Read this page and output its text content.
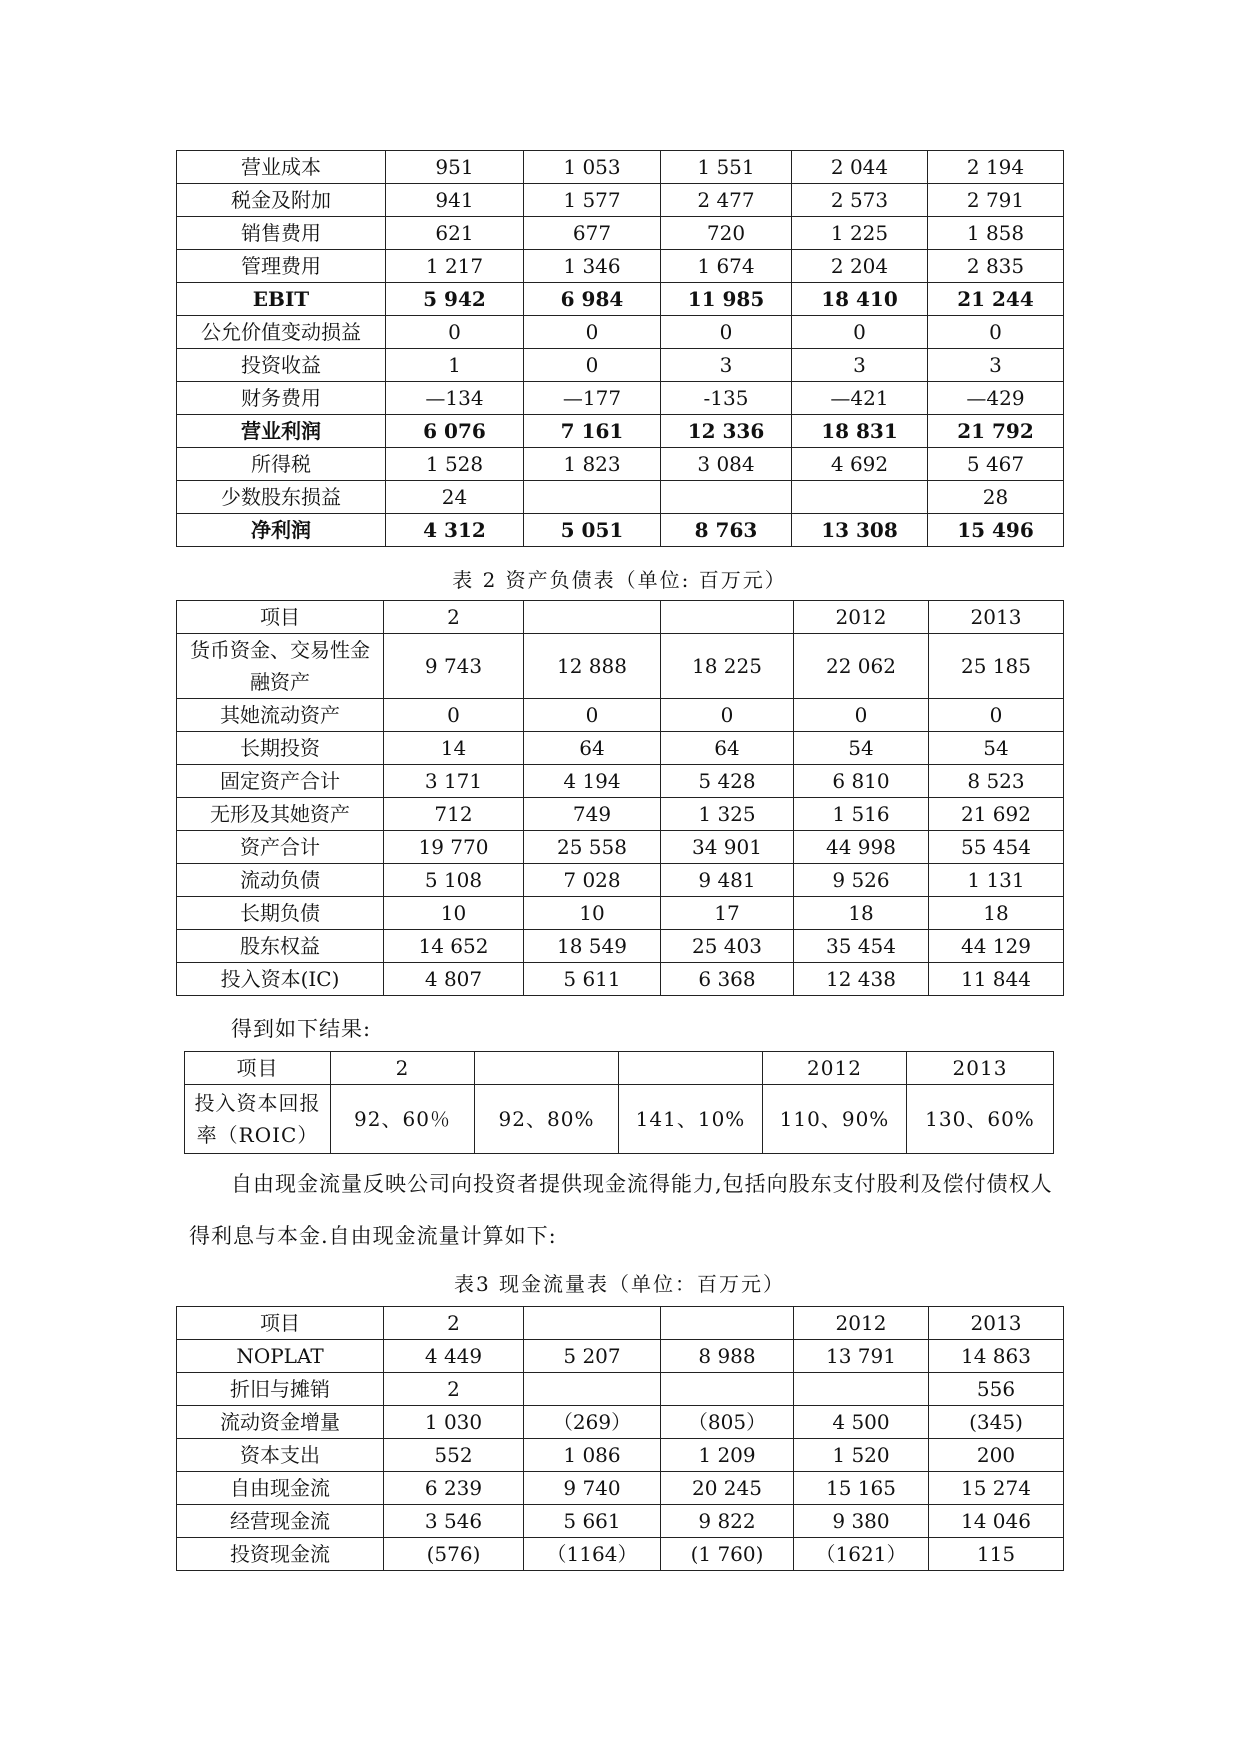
营业成本	951	1 053	1 551	2 044	2 194
税金及附加	941	1 577	2 477	2 573	2 791
销售费用	621	677	720	1 225	1 858
管理费用	1 217	1 346	1 674	2 204	2 835
EBIT	5 942	6 984	11 985	18 410	21 244
公允价值变动损益	0	0	0	0	0
投资收益	1	0	3	3	3
财务费用	—134	—177	-135	—421	—429
营业利润	6 076	7 161	12 336	18 831	21 792
所得税	1 528	1 823	3 084	4 692	5 467
少数股东损益	24				28
净利润	4 312	5 051	8 763	13 308	15 496
表 2 资产负债表（单位: 百万元）
项目	2			2012	2013
货币资金、交易性金融资产	9 743	12 888	18 225	22 062	25 185
其她流动资产	0	0	0	0	0
长期投资	14	64	64	54	54
固定资产合计	3 171	4 194	5 428	6 810	8 523
无形及其她资产	712	749	1 325	1 516	21 692
资产合计	19 770	25 558	34 901	44 998	55 454
流动负债	5 108	7 028	9 481	9 526	1 131
长期负债	10	10	17	18	18
股东权益	14 652	18 549	25 403	35 454	44 129
投入资本(IC)	4 807	5 611	6 368	12 438	11 844
得到如下结果:
项目	2			2012	2013
投入资本回报率（ROIC）	92、60％	92、80%	141、10%	110、90%	130、60%
自由现金流量反映公司向投资者提供现金流得能力,包括向股东支付股利及偿付债权人
得利息与本金.自由现金流量计算如下:
表3 现金流量表（单位：百万元）
项目	2			2012	2013
NOPLAT	4 449	5 207	8 988	13 791	14 863
折旧与摊销	2				556
流动资金增量	1 030	（269）	（805）	4 500	(345)
资本支出	552	1 086	1 209	1 520	200
自由现金流	6 239	9 740	20 245	15 165	15 274
经营现金流	3 546	5 661	9 822	9 380	14 046
投资现金流	(576)	（1164）	(1 760)	（1621）	115
